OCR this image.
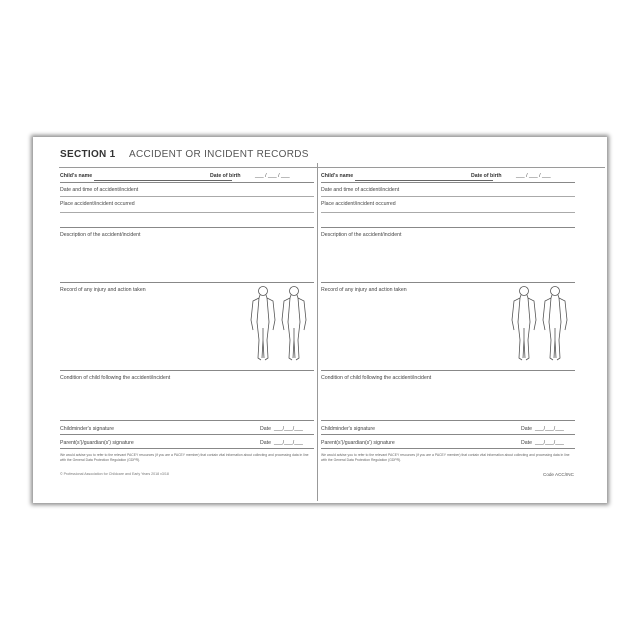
SECTION 1 ACCIDENT OR INCIDENT RECORDS
Child's name	Date of birth	___ / ___ / ___
Date and time of accident/incident
Place accident/incident occurred
Description of the accident/incident
Record of any injury and action taken
Condition of child following the accident/incident
Childminder's signature	Date ___/___/___
Parent(s')/guardian(s') signature	Date ___/___/___
We would advise you to refer to the relevant PACEY resources (if you are a PACEY member) that contain vital information about collecting and processing data in line with the General Data Protection Regulation (GDPR).
© Professional Association for Childcare and Early Years 2018 v3/18
Child's name	Date of birth	___ / ___ / ___
Date and time of accident/incident
Place accident/incident occurred
Description of the accident/incident
Record of any injury and action taken
Condition of child following the accident/incident
Childminder's signature	Date ___/___/___
Parent(s')/guardian(s') signature	Date ___/___/___
We would advise you to refer to the relevant PACEY resources (if you are a PACEY member) that contain vital information about collecting and processing data in line with the General Data Protection Regulation (GDPR).
Code ACC/INC
